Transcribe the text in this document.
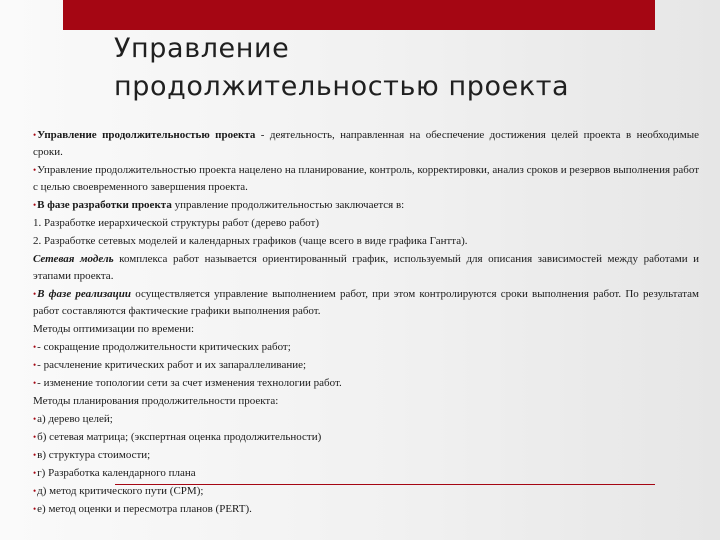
Управление
продолжительностью проекта

•Управление продолжительностью проекта - деятельность, направленная на обеспечение достижения целей проекта в необходимые сроки.

•Управление продолжительностью проекта нацелено на планирование, контроль, корректировки, анализ сроков и резервов выполнения работ с целью своевременного завершения проекта.

•В фазе разработки проекта управление продолжительностью заключается в:

1. Разработке иерархической структуры работ (дерево работ)

2. Разработке сетевых моделей и календарных графиков (чаще всего в виде графика Гантта).

Сетевая модель комплекса работ называется ориентированный график, используемый для описания зависимостей между работами и этапами проекта.

•В фазе реализации осуществляется управление выполнением работ, при этом контролируются сроки выполнения работ. По результатам работ составляются фактические графики выполнения работ.

Методы оптимизации по времени:

•- сокращение продолжительности критических работ;

•- расчленение критических работ и их запараллеливание;

•- изменение топологии сети за счет изменения технологии работ.

Методы планирования продолжительности проекта:

•а) дерево целей;

•б) сетевая матрица; (экспертная оценка продолжительности)

•в) структура стоимости;

•г) Разработка календарного плана

•д) метод критического пути (CPM);

•е) метод оценки и пересмотра планов (PERT).
